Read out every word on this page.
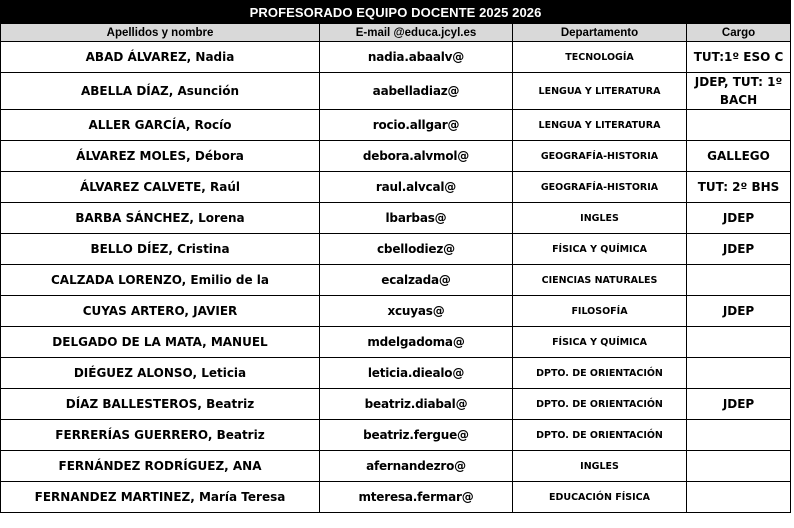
PROFESORADO EQUIPO DOCENTE 2025 2026			
Apellidos y nombre	E-mail @educa.jcyl.es	Departamento	Cargo
ABAD ÁLVAREZ, Nadia	nadia.abaalv@	TECNOLOGÍA	TUT:1º ESO C
ABELLA DÍAZ, Asunción	aabelladiaz@	LENGUA Y LITERATURA	JDEP, TUT: 1º BACH
ALLER GARCÍA, Rocío	rocio.allgar@	LENGUA Y LITERATURA	
ÁLVAREZ MOLES, Débora	debora.alvmol@	GEOGRAFÍA-HISTORIA	GALLEGO
ÁLVAREZ CALVETE, Raúl	raul.alvcal@	GEOGRAFÍA-HISTORIA	TUT: 2º BHS
BARBA SÁNCHEZ, Lorena	lbarbas@	INGLES	JDEP
BELLO DÍEZ, Cristina	cbellodiez@	FÍSICA Y QUÍMICA	JDEP
CALZADA LORENZO, Emilio de la	ecalzada@	CIENCIAS NATURALES	
CUYAS ARTERO, JAVIER	xcuyas@	FILOSOFÍA	JDEP
DELGADO DE LA MATA, MANUEL	mdelgadoma@	FÍSICA Y QUÍMICA	
DIÉGUEZ ALONSO, Leticia	leticia.diealo@	DPTO. DE ORIENTACIÓN	
DÍAZ BALLESTEROS, Beatriz	beatriz.diabal@	DPTO. DE ORIENTACIÓN	JDEP
FERRERÍAS GUERRERO, Beatriz	beatriz.fergue@	DPTO. DE ORIENTACIÓN	
FERNÁNDEZ RODRÍGUEZ, ANA	afernandezro@	INGLES	
FERNANDEZ MARTINEZ, María Teresa	mteresa.fermar@	EDUCACIÓN FÍSICA	
